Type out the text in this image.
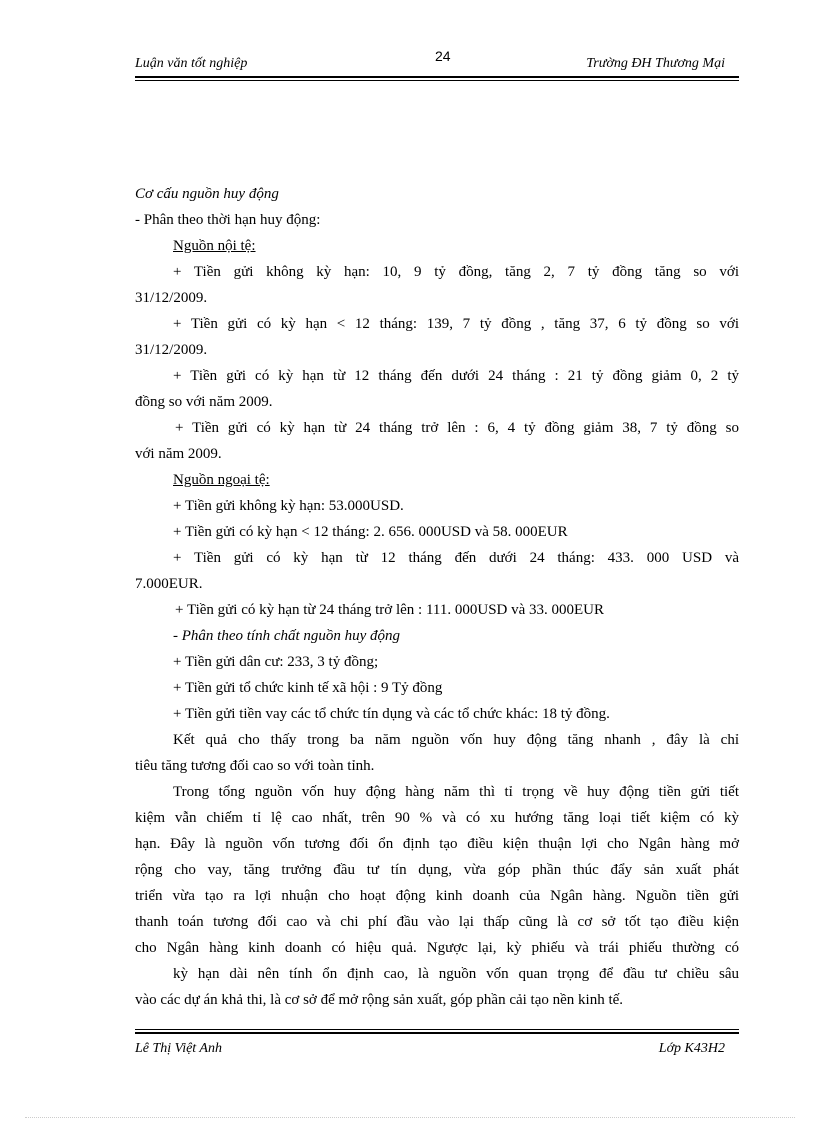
Luận văn tốt nghiệp	24	Trường ĐH Thương Mại
Cơ cấu nguồn huy động
- Phân theo thời hạn huy động:
Nguồn nội tệ:
+ Tiền gửi không kỳ hạn: 10, 9 tỷ đồng, tăng 2, 7 tỷ đồng tăng so với
31/12/2009.
+ Tiền gửi có kỳ hạn < 12 tháng: 139, 7 tỷ đồng , tăng 37, 6 tỷ đồng so với
31/12/2009.
+ Tiền gửi có kỳ hạn từ 12 tháng đến dưới 24 tháng : 21 tỷ đồng giảm 0, 2 tỷ
đồng so với năm 2009.
+ Tiền gửi có kỳ hạn từ 24 tháng trở lên : 6, 4 tỷ đồng giảm 38, 7 tỷ đồng so
với năm 2009.
Nguồn ngoại tệ:
+ Tiền gửi không kỳ hạn: 53.000USD.
+ Tiền gửi có kỳ hạn < 12 tháng: 2. 656. 000USD và 58. 000EUR
+ Tiền gửi có kỳ hạn từ 12 tháng đến dưới 24 tháng: 433. 000 USD và
7.000EUR.
+ Tiền gửi có kỳ hạn từ 24 tháng trở lên : 111. 000USD và 33. 000EUR
- Phân theo tính chất nguồn huy động
+ Tiền gửi dân cư: 233, 3 tỷ đồng;
+ Tiền gửi tổ chức kinh tế xã hội : 9 Tỷ đồng
+ Tiền gửi tiền vay các tổ chức tín dụng và các tổ chức khác: 18 tỷ đồng.
Kết quả cho thấy trong ba năm nguồn vốn huy động tăng nhanh , đây là chỉ
tiêu tăng tương đối cao so với toàn tỉnh.
Trong tổng nguồn vốn huy động hàng năm thì tỉ trọng về huy động tiền gửi tiết
kiệm vẫn chiếm tỉ lệ cao nhất, trên 90 % và có xu hướng tăng loại tiết kiệm có kỳ
hạn. Đây là nguồn vốn tương đối ổn định tạo điều kiện thuận lợi cho Ngân hàng mở
rộng cho vay, tăng trưởng đầu tư tín dụng, vừa góp phần thúc đẩy sản xuất phát
triển vừa tạo ra lợi nhuận cho hoạt động kinh doanh của Ngân hàng. Nguồn tiền gửi
thanh toán tương đối cao và chi phí đầu vào lại thấp cũng là cơ sở tốt tạo điều kiện
cho Ngân hàng kinh doanh có hiệu quả. Ngược lại, kỳ phiếu và trái phiếu thường có
kỳ hạn dài nên tính ổn định cao, là nguồn vốn quan trọng để đầu tư chiều sâu
vào các dự án khả thi, là cơ sở để mở rộng sản xuất, góp phần cải tạo nền kinh tế.
Lê Thị Việt Anh	Lớp K43H2
